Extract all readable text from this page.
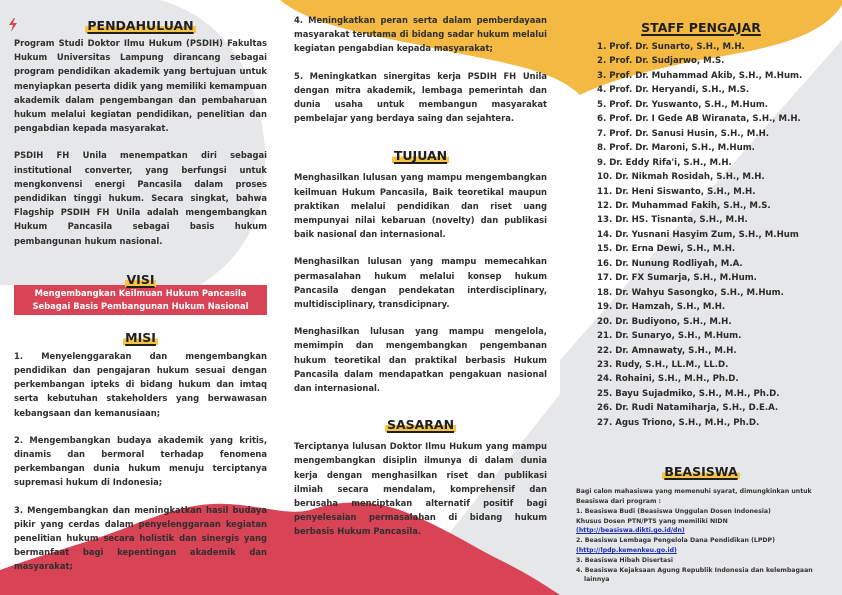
PENDAHULUAN

Program Studi Doktor Ilmu Hukum (PSDIH) Fakultas Hukum Universitas Lampung dirancang sebagai program pendidikan akademik yang bertujuan untuk menyiapkan peserta didik yang memiliki kemampuan akademik dalam pengembangan dan pembaharuan hukum melalui kegiatan pendidikan, penelitian dan pengabdian kepada masyarakat.

PSDIH FH Unila menempatkan diri sebagai institutional converter, yang berfungsi untuk mengkonvensi energi Pancasila dalam proses pendidikan tinggi hukum. Secara singkat, bahwa Flagship PSDIH FH Unila adalah mengembangkan Hukum Pancasila sebagai basis hukum pembangunan hukum nasional.

VISI
Mengembangkan Keilmuan Hukum Pancasila
Sebagai Basis Pembangunan Hukum Nasional
MISI

1. Menyelenggarakan dan mengembangkan pendidikan dan pengajaran hukum sesuai dengan perkembangan ipteks di bidang hukum dan imtaq serta kebutuhan stakeholders yang berwawasan kebangsaan dan kemanusiaan;

2. Mengembangkan budaya akademik yang kritis, dinamis dan bermoral terhadap fenomena perkembangan dunia hukum menuju terciptanya supremasi hukum di Indonesia;

3. Mengembangkan dan meningkatkan hasil budaya pikir yang cerdas dalam penyelenggaraan kegiatan penelitian hukum secara holistik dan sinergis yang bermanfaat bagi kepentingan akademik dan masyarakat;

4. Meningkatkan peran serta dalam pemberdayaan masyarakat terutama di bidang sadar hukum melalui kegiatan pengabdian kepada masyarakat;

5. Meningkatkan sinergitas kerja PSDIH FH Unila dengan mitra akademik, lembaga pemerintah dan dunia usaha untuk membangun masyarakat pembelajar yang berdaya saing dan sejahtera.

TUJUAN

Menghasilkan lulusan yang mampu mengembangkan keilmuan Hukum Pancasila, Baik teoretikal maupun praktikan melalui pendidikan dan riset uang mempunyai nilai kebaruan (novelty) dan publikasi baik nasional dan internasional.

Menghasilkan lulusan yang mampu memecahkan permasalahan hukum melalui konsep hukum Pancasila dengan pendekatan interdisciplinary, multidisciplinary, transdicipnary.

Menghasilkan lulusan yang mampu mengelola, memimpin dan mengembangkan pengembanan hukum teoretikal dan praktikal berbasis Hukum Pancasila dalam mendapatkan pengakuan nasional dan internasional.

SASARAN

Terciptanya lulusan Doktor Ilmu Hukum yang mampu mengembangkan disiplin ilmunya di dalam dunia kerja dengan menghasilkan riset dan publikasi ilmiah secara mendalam, komprehensif dan berusaha menciptakan alternatif positif bagi penyelesaian permasalahan di bidang hukum berbasis Hukum Pancasila.

STAFF PENGAJAR
1. Prof. Dr. Sunarto, S.H., M.H.
2. Prof. Dr. Sudjarwo, M.S.
3. Prof. Dr. Muhammad Akib, S.H., M.Hum.
4. Prof. Dr. Heryandi, S.H., M.S.
5. Prof. Dr. Yuswanto, S.H., M.Hum.
6. Prof. Dr. I Gede AB Wiranata, S.H., M.H.
7. Prof. Dr. Sanusi Husin, S.H., M.H.
8. Prof. Dr. Maroni, S.H., M.Hum.
9. Dr. Eddy Rifa'i, S.H., M.H.
10. Dr. Nikmah Rosidah, S.H., M.H.
11. Dr. Heni Siswanto, S.H., M.H.
12. Dr. Muhammad Fakih, S.H., M.S.
13. Dr. HS. Tisnanta, S.H., M.H.
14. Dr. Yusnani Hasyim Zum, S.H., M.Hum
15. Dr. Erna Dewi, S.H., M.H.
16. Dr. Nunung Rodliyah, M.A.
17. Dr. FX Sumarja, S.H., M.Hum.
18. Dr. Wahyu Sasongko, S.H., M.Hum.
19. Dr. Hamzah, S.H., M.H.
20. Dr. Budiyono, S.H., M.H.
21. Dr. Sunaryo, S.H., M.Hum.
22. Dr. Amnawaty, S.H., M.H.
23. Rudy, S.H., LL.M., LL.D.
24. Rohaini, S.H., M.H., Ph.D.
25. Bayu Sujadmiko, S.H., M.H., Ph.D.
26. Dr. Rudi Natamiharja, S.H., D.E.A.
27. Agus Triono, S.H., M.H., Ph.D.
BEASISWA
Bagi calon mahasiswa yang memenuhi syarat, dimungkinkan untuk
Beasiswa dari program :
1. Beasiswa Budi (Beasiswa Unggulan Dosen Indonesia)
Khusus Dosen PTN/PTS yang memiliki NIDN (http://beasiswa.dikti.go.id/dn)
2. Beasiswa Lembaga Pengelola Dana Pendidikan (LPDP)
(http://lpdp.kemenkeu.go.id)
3. Beasiswa Hibah Disertasi
4. Beasiswa Kejaksaan Agung Republik Indonesia dan kelembagaan
lainnya
